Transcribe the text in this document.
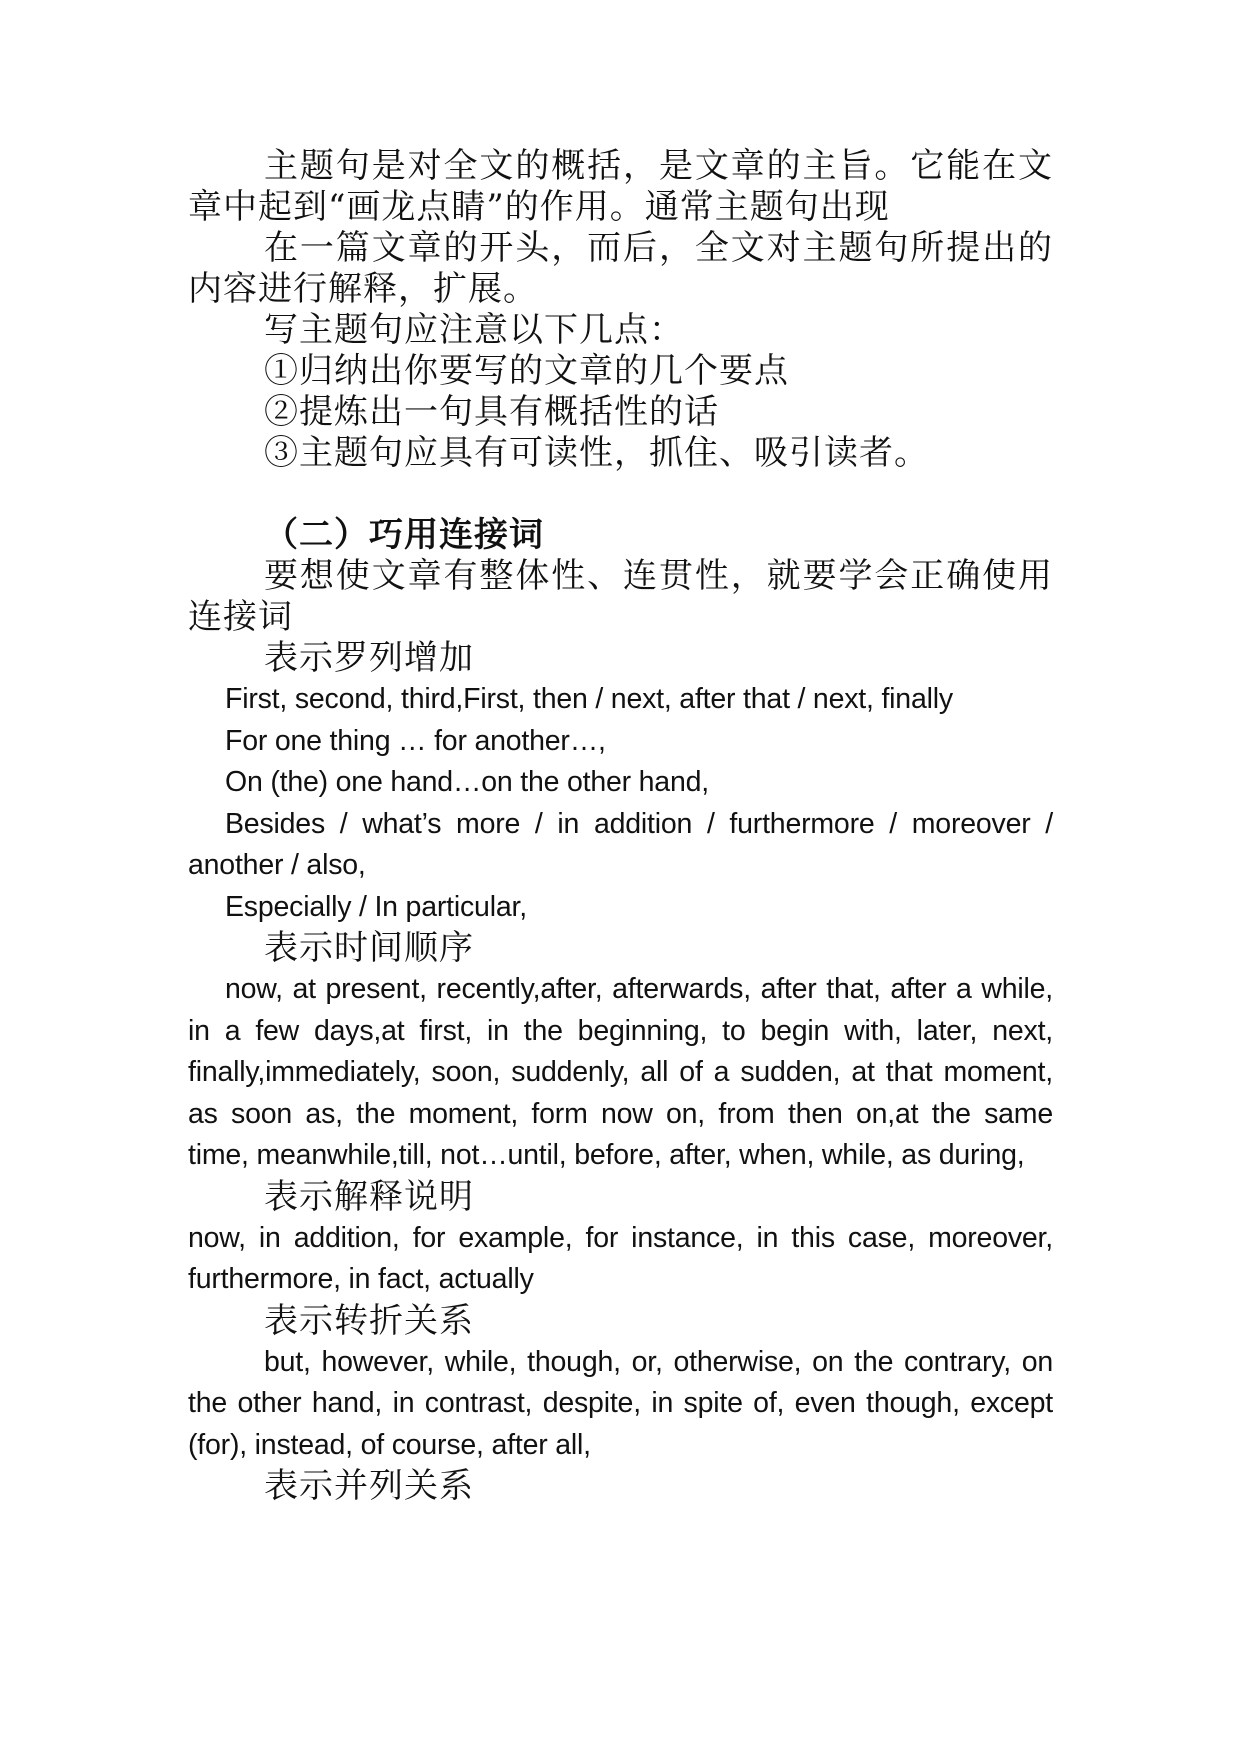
主题句是对全文的概括，是文章的主旨。它能在文章中起到“画龙点睛”的作用。通常主题句出现

在一篇文章的开头，而后，全文对主题句所提出的内容进行解释，扩展。

写主题句应注意以下几点：

①归纳出你要写的文章的几个要点

②提炼出一句具有概括性的话

③主题句应具有可读性，抓住、吸引读者。

（二）巧用连接词

要想使文章有整体性、连贯性，就要学会正确使用连接词

表示罗列增加

First, second, third,First, then / next, after that / next, finally

For one thing … for another…,

On (the) one hand…on the other hand,

Besides / what’s more / in addition / furthermore / moreover / another / also,

Especially / In particular,

表示时间顺序

now, at present, recently,after, afterwards, after that, after a while, in a few days,at first, in the beginning, to begin with, later, next, finally,immediately, soon, suddenly, all of a sudden, at that moment, as soon as, the moment, form now on, from then on,at the same time, meanwhile,till, not…until, before, after, when, while, as during,

表示解释说明

now, in addition, for example, for instance, in this case, moreover, furthermore, in fact, actually

表示转折关系

but, however, while, though, or, otherwise, on the contrary, on the other hand, in contrast, despite, in spite of, even though, except (for), instead, of course, after all,

表示并列关系
